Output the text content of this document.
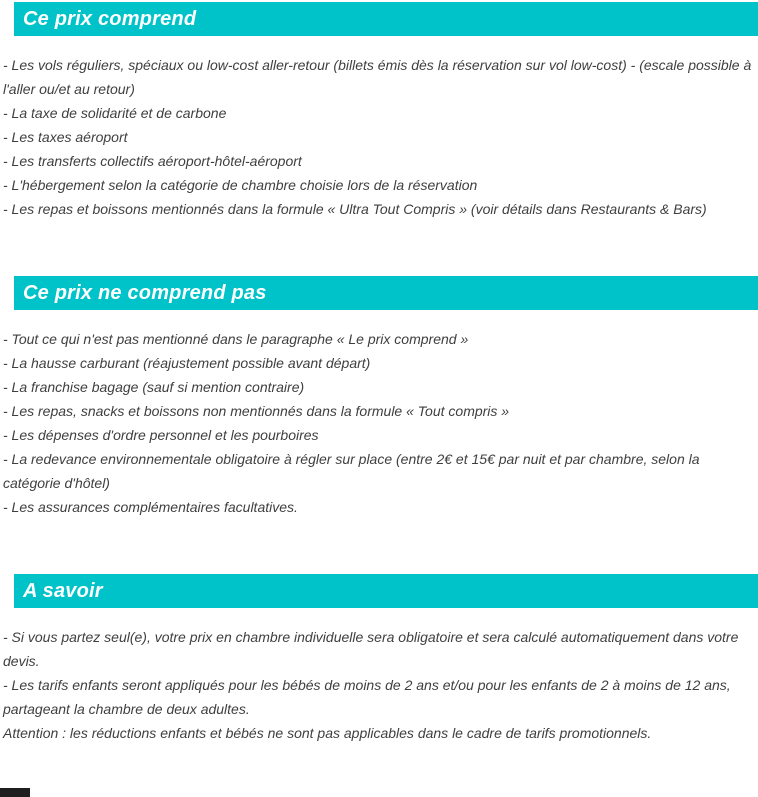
Ce prix comprend

- Les vols réguliers, spéciaux ou low-cost aller-retour (billets émis dès la réservation sur vol low-cost) - (escale possible à l'aller ou/et au retour)

- La taxe de solidarité et de carbone

- Les taxes aéroport

- Les transferts collectifs aéroport-hôtel-aéroport

- L'hébergement selon la catégorie de chambre choisie lors de la réservation

- Les repas et boissons mentionnés dans la formule « Ultra Tout Compris » (voir détails dans Restaurants & Bars)

Ce prix ne comprend pas

- Tout ce qui n'est pas mentionné dans le paragraphe « Le prix comprend »

- La hausse carburant (réajustement possible avant départ)

- La franchise bagage (sauf si mention contraire)

- Les repas, snacks et boissons non mentionnés dans la formule « Tout compris »

- Les dépenses d'ordre personnel et les pourboires

- La redevance environnementale obligatoire à régler sur place (entre 2€ et 15€ par nuit et par chambre, selon la catégorie d'hôtel)

- Les assurances complémentaires facultatives.

A savoir

- Si vous partez seul(e), votre prix en chambre individuelle sera obligatoire et sera calculé automatiquement dans votre devis.

- Les tarifs enfants seront appliqués pour les bébés de moins de 2 ans et/ou pour les enfants de 2 à moins de 12 ans, partageant la chambre de deux adultes.

Attention : les réductions enfants et bébés ne sont pas applicables dans le cadre de tarifs promotionnels.
